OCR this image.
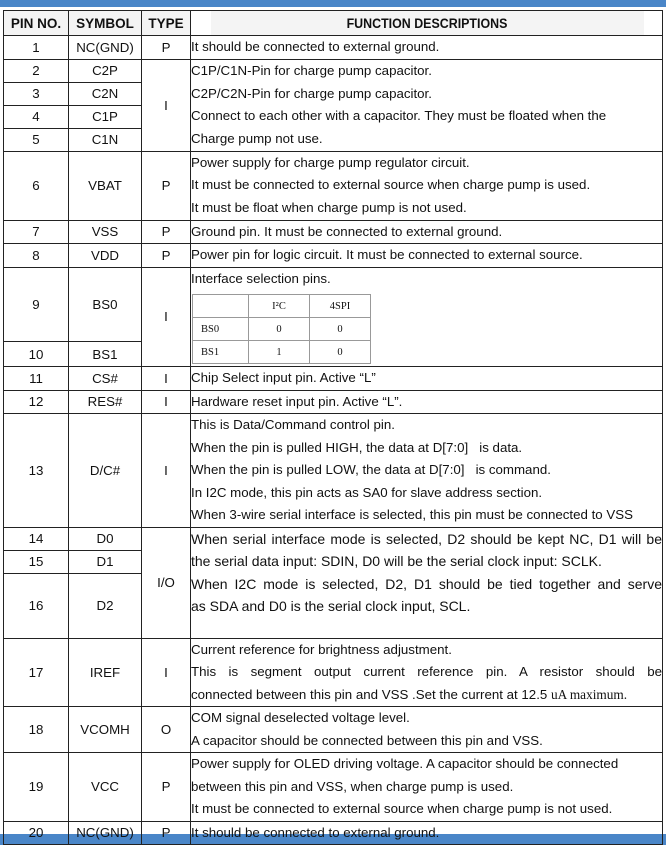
PIN NO.	SYMBOL	TYPE	FUNCTION DESCRIPTIONS
1	NC(GND)	P	It should be connected to external ground.

2	C2P	I	
C1P/C1N-Pin for charge pump capacitor.
C2P/C2N-Pin for charge pump capacitor.
Connect to each other with a capacitor. They must be floated when the
Charge pump not use.

3	C2N
4	C1P
5	C1N
6	VBAT	P	
Power supply for charge pump regulator circuit.
It must be connected to external source when charge pump is used.
It must be float when charge pump is not used.

7	VSS	P	Ground pin. It must be connected to external ground.

8	VDD	P	Power pin for logic circuit. It must be connected to external source.

9	BS0	I	
Interface selection pins.
	I²C	4SPI
BS0	0	0
BS1	1	0

10	BS1
11	CS#	I	Chip Select input pin. Active “L”

12	RES#	I	Hardware reset input pin. Active “L”.

13	D/C#	I	
This is Data/Command control pin.
When the pin is pulled HIGH, the data at D[7:0]   is data.
When the pin is pulled LOW, the data at D[7:0]   is command.
In I2C mode, this pin acts as SA0 for slave address section.
When 3-wire serial interface is selected, this pin must be connected to VSS

14	D0	I/O	
When serial interface mode is selected, D2 should be kept NC, D1 will be
the serial data input: SDIN, D0 will be the serial clock input: SCLK.
When I2C mode is selected, D2, D1 should be tied together and serve
as SDA and D0 is the serial clock input, SCL.

15	D1
16	D2
17	IREF	I	
Current reference for brightness adjustment.
This is segment output current reference pin. A resistor should be
connected between this pin and VSS .Set the current at 12.5 uA maximum.

18	VCOMH	O	
COM signal deselected voltage level.
A capacitor should be connected between this pin and VSS.

19	VCC	P	
Power supply for OLED driving voltage. A capacitor should be connected
between this pin and VSS, when charge pump is used.
It must be connected to external source when charge pump is not used.

20	NC(GND)	P	It should be connected to external ground.
